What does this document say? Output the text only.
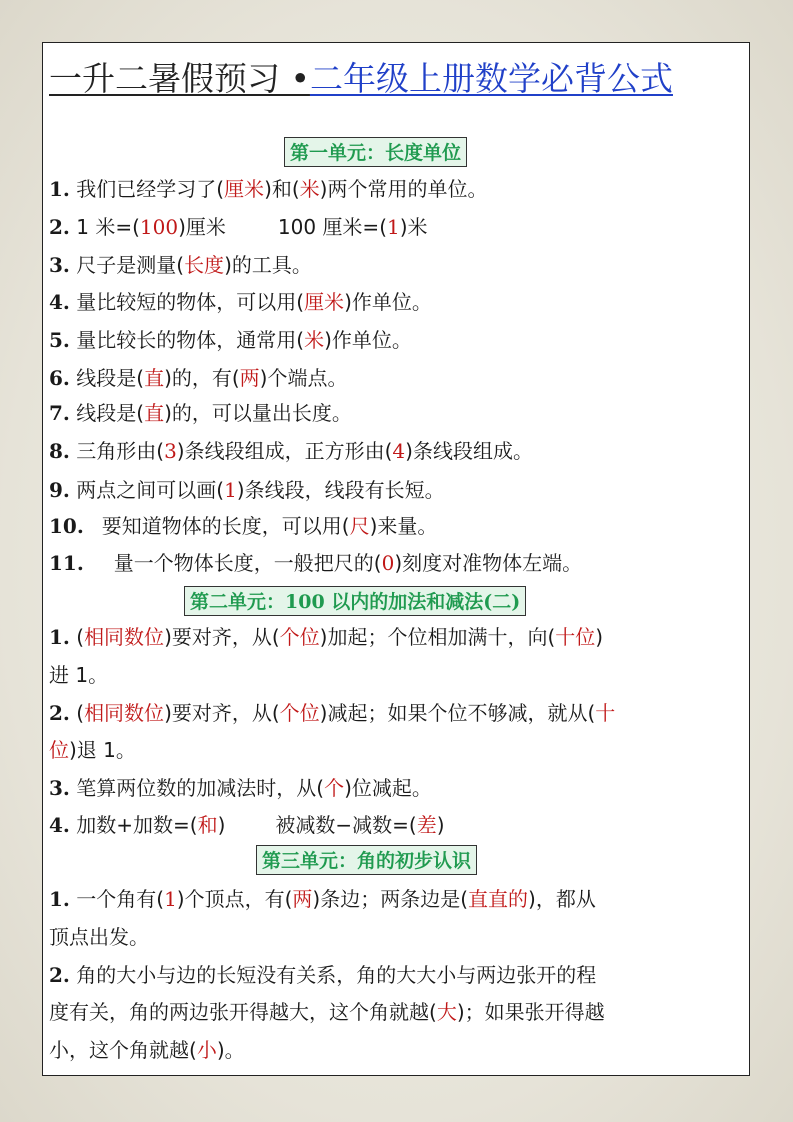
一升二暑假预习 •二年级上册数学必背公式
第一单元：长度单位
1. 我们已经学习了(厘米)和(米)两个常用的单位。
2. 1 米=(100)厘米	100 厘米=(1)米
3. 尺子是测量(长度)的工具。
4. 量比较短的物体，可以用(厘米)作单位。
5. 量比较长的物体，通常用(米)作单位。
6. 线段是(直)的，有(两)个端点。
7. 线段是(直)的，可以量出长度。
8. 三角形由(3)条线段组成，正方形由(4)条线段组成。
9. 两点之间可以画(1)条线段，线段有长短。
10. 要知道物体的长度，可以用(尺)来量。
11. 量一个物体长度，一般把尺的(0)刻度对准物体左端。
第二单元：100 以内的加法和减法(二)
1. (相同数位)要对齐，从(个位)加起；个位相加满十，向(十位)
进 1。
2. (相同数位)要对齐，从(个位)减起；如果个位不够减，就从(十
位)退 1。
3. 笔算两位数的加减法时，从(个)位减起。
4. 加数+加数=(和)	被减数−减数=(差)
第三单元：角的初步认识
1. 一个角有(1)个顶点，有(两)条边；两条边是(直直的)，都从
顶点出发。
2. 角的大小与边的长短没有关系，角的大大小与两边张开的程
度有关，角的两边张开得越大，这个角就越(大)；如果张开得越
小，这个角就越(小)。
